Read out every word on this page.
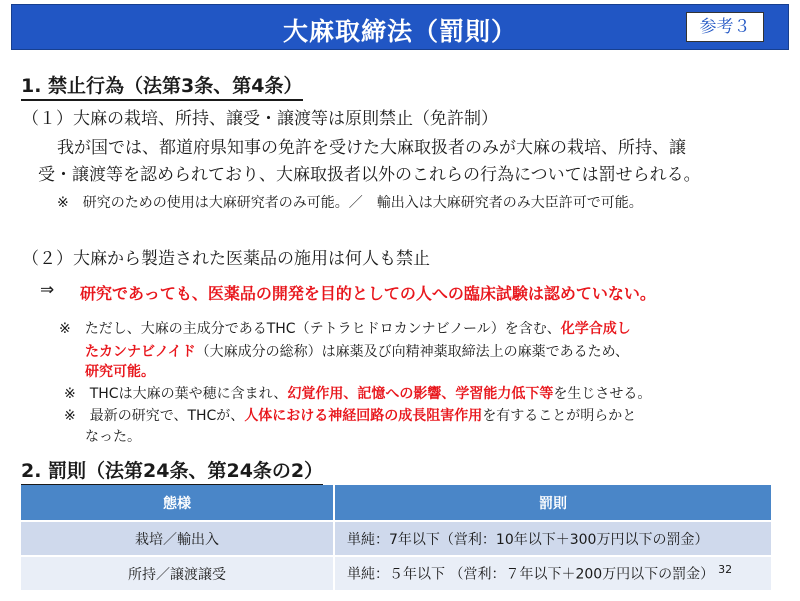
大麻取締法（罰則）	参考３
1. 禁止行為（法第3条、第4条）
（１）大麻の栽培、所持、譲受・譲渡等は原則禁止（免許制）
我が国では、都道府県知事の免許を受けた大麻取扱者のみが大麻の栽培、所持、譲
受・譲渡等を認められており、大麻取扱者以外のこれらの行為については罰せられる。
※　研究のための使用は大麻研究者のみ可能。／　輸出入は大麻研究者のみ大臣許可で可能。
（２）大麻から製造された医薬品の施用は何人も禁止
⇒ 研究であっても、医薬品の開発を目的としての人への臨床試験は認めていない。
※　ただし、大麻の主成分であるTHC（テトラヒドロカンナビノール）を含む、化学合成し
たカンナビノイド（大麻成分の総称）は麻薬及び向精神薬取締法上の麻薬であるため、
研究可能。
※　THCは大麻の葉や穂に含まれ、幻覚作用、記憶への影響、学習能力低下等を生じさせる。
※　最新の研究で、THCが、人体における神経回路の成長阻害作用を有することが明らかと
なった。
2. 罰則（法第24条、第24条の2）
態様	罰則
栽培／輸出入	単純：7年以下（営利：10年以下＋300万円以下の罰金）
所持／譲渡譲受	単純：５年以下 （営利：７年以下＋200万円以下の罰金） $^{32}$
